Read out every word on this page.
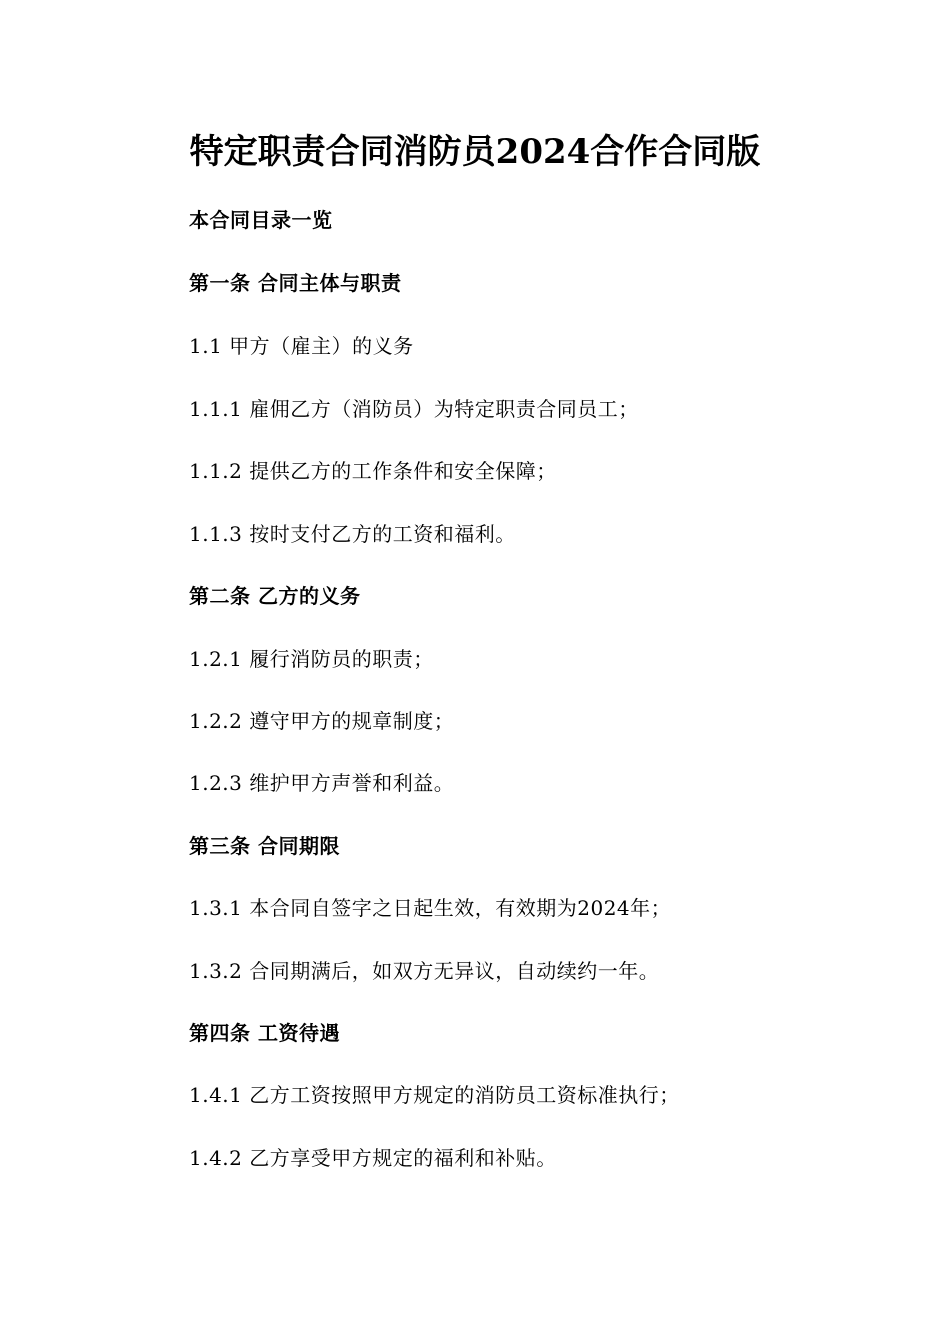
特定职责合同消防员2024合作合同版
本合同目录一览
第一条 合同主体与职责
1.1 甲方（雇主）的义务
1.1.1 雇佣乙方（消防员）为特定职责合同员工；
1.1.2 提供乙方的工作条件和安全保障；
1.1.3 按时支付乙方的工资和福利。
第二条 乙方的义务
1.2.1 履行消防员的职责；
1.2.2 遵守甲方的规章制度；
1.2.3 维护甲方声誉和利益。
第三条 合同期限
1.3.1 本合同自签字之日起生效，有效期为2024年；
1.3.2 合同期满后，如双方无异议，自动续约一年。
第四条 工资待遇
1.4.1 乙方工资按照甲方规定的消防员工资标准执行；
1.4.2 乙方享受甲方规定的福利和补贴。
